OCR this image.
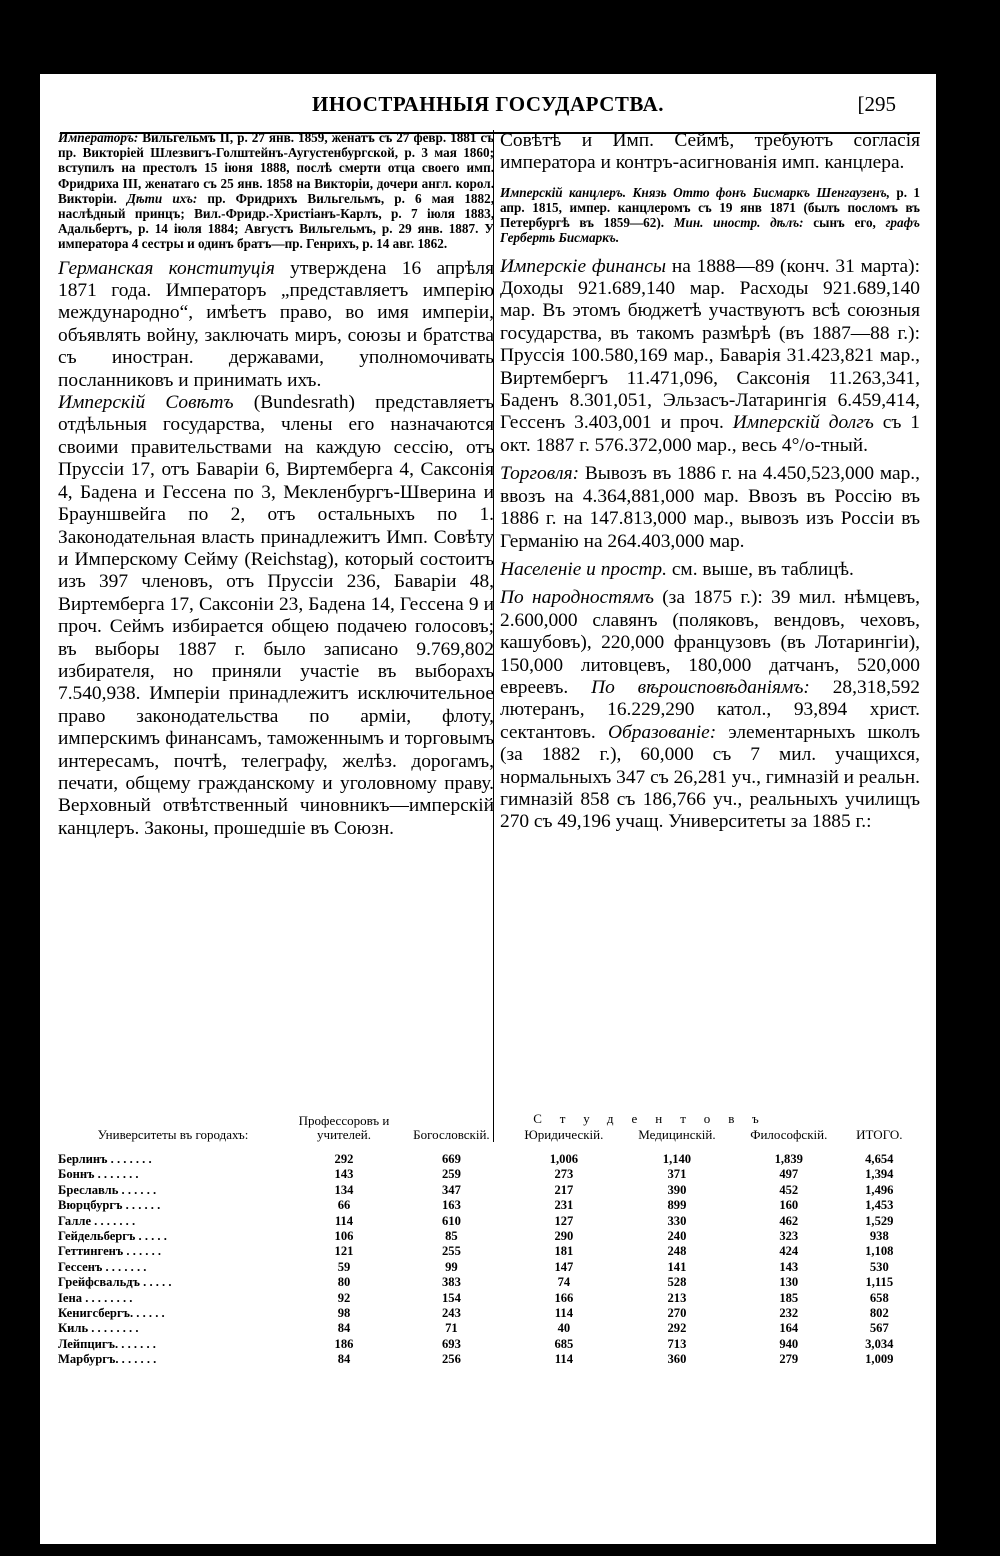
ИНОСТРАННЫЯ ГОСУДАРСТВА.	[295

Императоръ: Вильгельмъ II, р. 27 янв. 1859, женатъ съ 27 февр. 1881 съ пр. Викторіей Шлезвигъ-Голштейнъ-Аугустенбургской, р. 3 мая 1860; вступилъ на престолъ 15 іюня 1888, послѣ смерти отца своего имп. Фридриха III, женатаго съ 25 янв. 1858 на Викторіи, дочери англ. корол. Викторіи. Дѣти ихъ: пр. Фридрихъ Вильгельмъ, р. 6 мая 1882, наслѣдный принцъ; Вил.-Фридр.-Христіанъ-Карлъ, р. 7 іюля 1883, Адальбертъ, р. 14 іюля 1884; Августъ Вильгельмъ, р. 29 янв. 1887. У императора 4 сестры и одинъ братъ—пр. Генрихъ, р. 14 авг. 1862.

Германская конституція утверждена 16 апрѣля 1871 года. Императоръ „представляетъ имперію международно“, имѣетъ право, во имя имперіи, объявлять войну, заключать миръ, союзы и братства съ иностран. державами, уполномочивать посланниковъ и принимать ихъ.

Имперскій Совѣтъ (Bundesrath) представляетъ отдѣльныя государства, члены его назначаются своими правительствами на каждую сессію, отъ Пруссіи 17, отъ Баваріи 6, Виртемберга 4, Саксонія 4, Бадена и Гессена по 3, Мекленбургъ-Шверина и Брауншвейга по 2, отъ остальныхъ по 1. Законодательная власть принадлежитъ Имп. Совѣту и Имперскому Сейму (Reichstag), который состоитъ изъ 397 членовъ, отъ Пруссіи 236, Баваріи 48, Виртемберга 17, Саксоніи 23, Бадена 14, Гессена 9 и проч. Сеймъ избирается общею подачею голосовъ; въ выборы 1887 г. было записано 9.769,802 избирателя, но приняли участіе въ выборахъ 7.540,938. Имперіи принадлежитъ исключительное право законодательства по арміи, флоту, имперскимъ финансамъ, таможеннымъ и торговымъ интересамъ, почтѣ, телеграфу, желѣз. дорогамъ, печати, общему гражданскому и уголовному праву. Верховный отвѣтственный чиновникъ—имперскій канцлеръ. Законы, прошедшіе въ Союзн.

Совѣтѣ и Имп. Сеймѣ, требуютъ согласія императора и контръ-асигнованія имп. канцлера.

Имперскій канцлеръ. Князь Отто фонъ Бисмаркъ Шенгаузенъ, р. 1 апр. 1815, импер. канцлеромъ съ 19 янв 1871 (былъ посломъ въ Петербургѣ въ 1859—62). Мин. иностр. дѣлъ: сынъ его, графъ Герберть Бисмаркъ.

Имперскіе финансы на 1888—89 (конч. 31 марта): Доходы 921.689,140 мар. Расходы 921.689,140 мар. Въ этомъ бюджетѣ участвуютъ всѣ союзныя государства, въ такомъ размѣрѣ (въ 1887—88 г.): Пруссія 100.580,169 мар., Баварія 31.423,821 мар., Виртембергъ 11.471,096, Саксонія 11.263,341, Баденъ 8.301,051, Эльзасъ-Латарингія 6.459,414, Гессенъ 3.403,001 и проч. Имперскій долгъ съ 1 окт. 1887 г. 576.372,000 мар., весь 4°/о-тный.

Торговля: Вывозъ въ 1886 г. на 4.450,523,000 мар., ввозъ на 4.364,881,000 мар. Ввозъ въ Россію въ 1886 г. на 147.813,000 мар., вывозъ изъ Россіи въ Германію на 264.403,000 мар.

Населеніе и простр. см. выше, въ таблицѣ.

По народностямъ (за 1875 г.): 39 мил. нѣмцевъ, 2.600,000 славянъ (поляковъ, вендовъ, чеховъ, кашубовъ), 220,000 французовъ (въ Лотарингіи), 150,000 литовцевъ, 180,000 датчанъ, 520,000 евреевъ. По вѣроисповѣданіямъ: 28,318,592 лютеранъ, 16.229,290 катол., 93,894 христ. сектантовъ. Образованіе: элементарныхъ школъ (за 1882 г.), 60,000 съ 7 мил. учащихся, нормальныхъ 347 съ 26,281 уч., гимназій и реальн. гимназій 858 съ 186,766 уч., реальныхъ училищъ 270 съ 49,196 учащ. Университеты за 1885 г.:

Университеты въ городахъ:	Профессоровъ и учителей.	Студентовъ				
		Богословскій.	Юридическій.	Медицинскій.	Философскій.	ИТОГО.
Берлинъ . . . . . . .	292	669	1,006	1,140	1,839	4,654
Боннъ . . . . . . .	143	259	273	371	497	1,394
Бреславль . . . . . .	134	347	217	390	452	1,496
Вюрцбургъ . . . . . .	66	163	231	899	160	1,453
Галле . . . . . . .	114	610	127	330	462	1,529
Гейдельбергъ . . . . .	106	85	290	240	323	938
Геттингенъ . . . . . .	121	255	181	248	424	1,108
Гессенъ . . . . . . .	59	99	147	141	143	530
Грейфсвальдъ . . . . .	80	383	74	528	130	1,115
Іена . . . . . . . .	92	154	166	213	185	658
Кенигсбергъ. . . . . .	98	243	114	270	232	802
Киль . . . . . . . .	84	71	40	292	164	567
Лейпцигъ. . . . . . .	186	693	685	713	940	3,034
Марбургъ. . . . . . .	84	256	114	360	279	1,009
